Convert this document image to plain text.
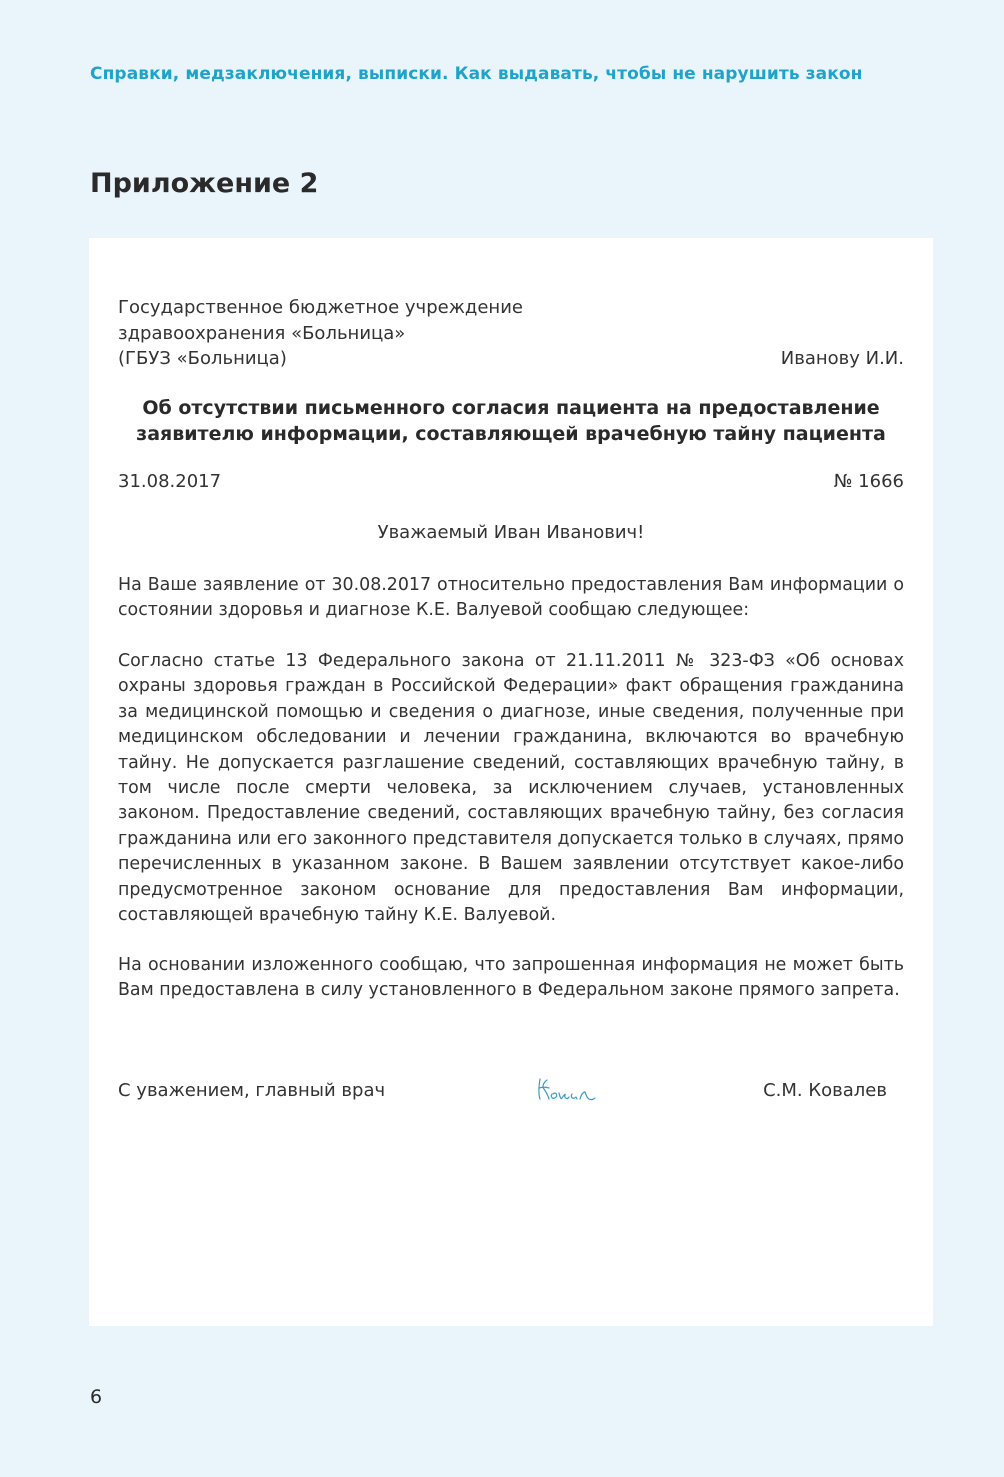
Справки, медзаключения, выписки. Как выдавать, чтобы не нарушить закон
Приложение 2
Государственное бюджетное учреждение
здравоохранения «Больница»
(ГБУЗ «Больница)	Иванову И.И.
Об отсутствии письменного согласия пациента на предоставление заявителю информации, составляющей врачебную тайну пациента
31.08.2017	№ 1666
Уважаемый Иван Иванович!

На Ваше заявление от 30.08.2017 относительно предоставления Вам информации о состоянии здоровья и диагнозе К.Е. Валуевой сообщаю следующее:

Согласно статье 13 Федерального закона от 21.11.2011 № 323-ФЗ «Об основах охраны здоровья граждан в Российской Федерации» факт обращения гражданина за медицинской помощью и сведения о диагнозе, иные сведения, полученные при медицинском обследовании и лечении гражданина, включаются во врачебную тайну. Не допускается разглашение сведений, составляющих врачебную тайну, в том числе после смерти человека, за исключением случаев, установленных законом. Предоставление сведений, составляющих врачебную тайну, без согласия гражданина или его законного представителя допускается только в случаях, прямо перечисленных в указанном законе. В Вашем заявлении отсутствует какое-либо предусмотренное законом основание для предоставления Вам информации, составляющей врачебную тайну К.Е. Валуевой.

На основании изложенного сообщаю, что запрошенная информация не может быть Вам предоставлена в силу установленного в Федеральном законе прямого запрета.

С уважением, главный врач	С.М. Ковалев
6
